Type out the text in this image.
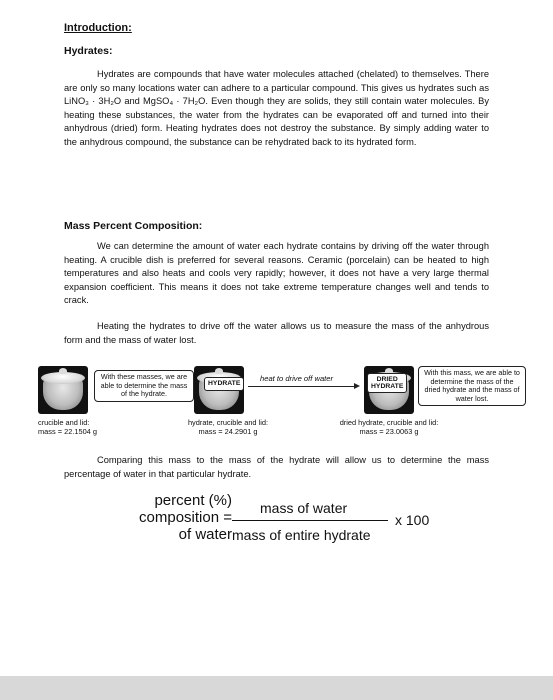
Introduction:
Hydrates:

Hydrates are compounds that have water molecules attached (chelated) to themselves. There are only so many locations water can adhere to a particular compound. This gives us hydrates such as LiNO₃ · 3H₂O and MgSO₄ · 7H₂O. Even though they are solids, they still contain water molecules. By heating these substances, the water from the hydrates can be evaporated off and turned into their anhydrous (dried) form. Heating hydrates does not destroy the substance. By simply adding water to the anhydrous compound, the substance can be rehydrated back to its hydrated form.

Mass Percent Composition:

We can determine the amount of water each hydrate contains by driving off the water through heating. A crucible dish is preferred for several reasons. Ceramic (porcelain) can be heated to high temperatures and also heats and cools very rapidly; however, it does not have a very large thermal expansion coefficient. This means it does not take extreme temperature changes well and tends to crack.

Heating the hydrates to drive off the water allows us to measure the mass of the anhydrous form and the mass of water lost.

With these masses, we are able to determine the mass of the hydrate.
HYDRATE
heat to drive off water	DRIED
HYDRATE
With this mass, we are able to determine the mass of the dried hydrate and the mass of water lost.
crucible and lid:
mass = 22.1504 g
hydrate, crucible and lid:
mass = 24.2901 g
dried hydrate, crucible and lid:
mass = 23.0063 g

Comparing this mass to the mass of the hydrate will allow us to determine the mass percentage of water in that particular hydrate.

percent (%)
composition =
of water
mass of water
mass of entire hydrate
x 100
